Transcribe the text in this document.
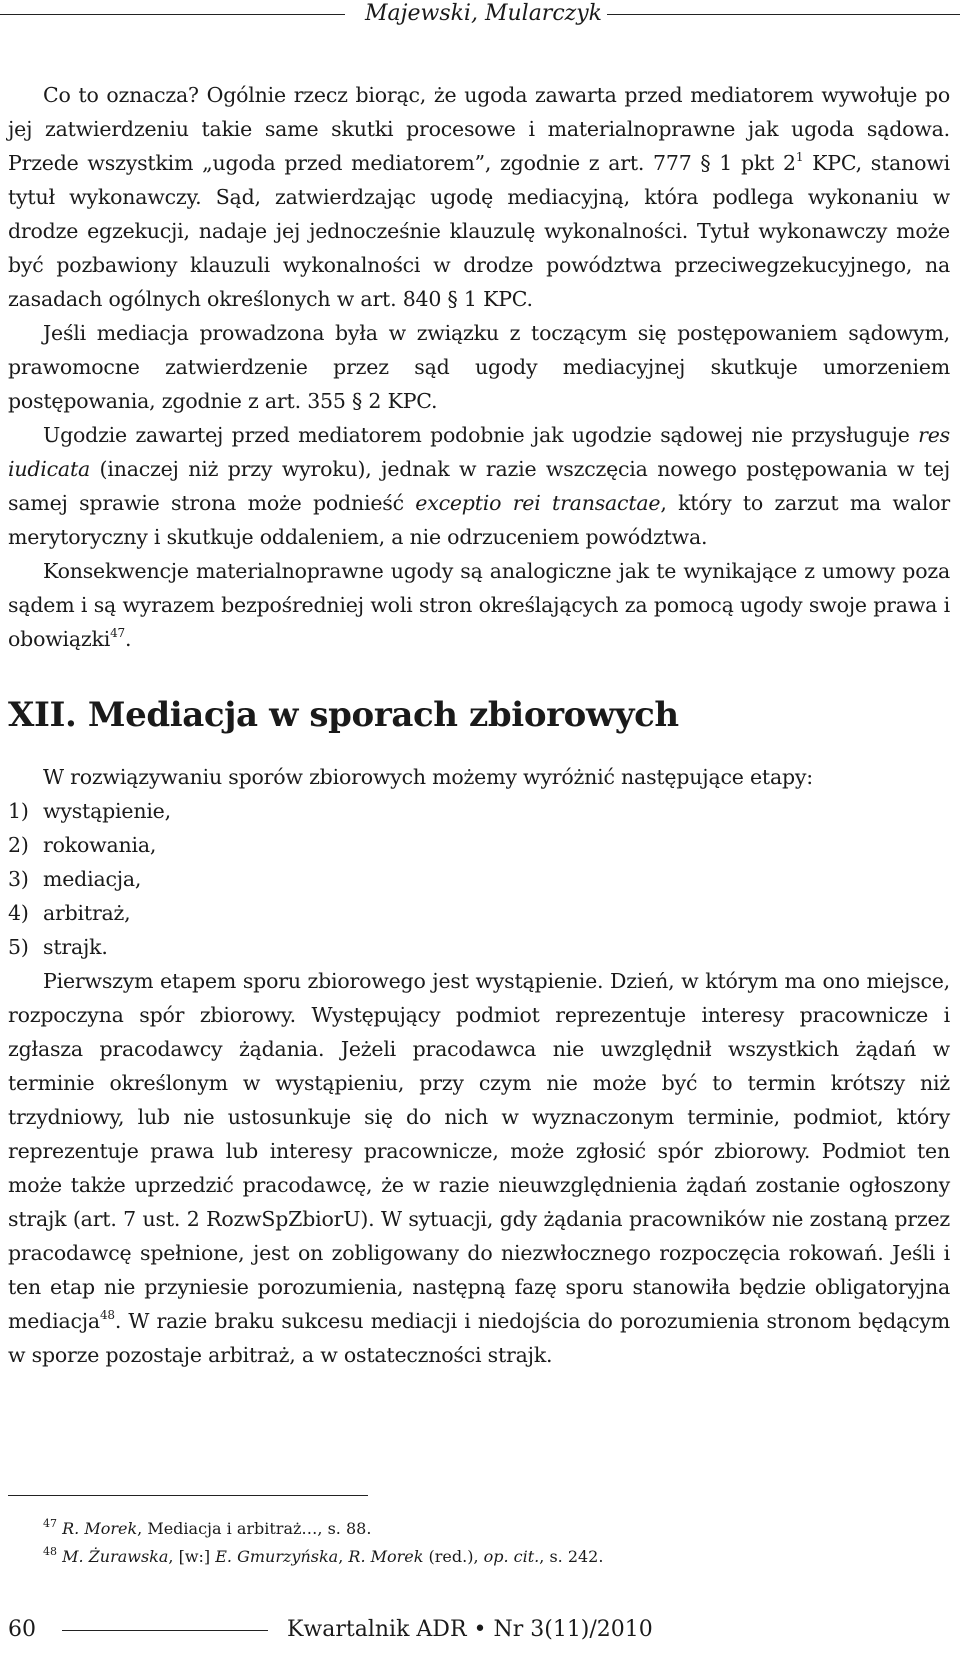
Majewski, Mularczyk

Co to oznacza? Ogólnie rzecz biorąc, że ugoda zawarta przed mediatorem wywołuje po jej zatwierdzeniu takie same skutki procesowe i materialnoprawne jak ugoda sądowa. Przede wszystkim „ugoda przed mediatorem”, zgodnie z art. 777 § 1 pkt $2^1$ KPC, stanowi tytuł wykonawczy. Sąd, zatwierdzając ugodę mediacyjną, która podlega wykonaniu w drodze egzekucji, nadaje jej jednocześnie klauzulę wykonalności. Tytuł wykonawczy może być pozbawiony klauzuli wykonalności w drodze powództwa przeciwegzekucyjnego, na zasadach ogólnych określonych w art. 840 § 1 KPC.

Jeśli mediacja prowadzona była w związku z toczącym się postępowaniem sądowym, prawomocne zatwierdzenie przez sąd ugody mediacyjnej skutkuje umorzeniem postępowania, zgodnie z art. 355 § 2 KPC.

Ugodzie zawartej przed mediatorem podobnie jak ugodzie sądowej nie przysługuje res iudicata (inaczej niż przy wyroku), jednak w razie wszczęcia nowego postępowania w tej samej sprawie strona może podnieść exceptio rei transactae, który to zarzut ma walor merytoryczny i skutkuje oddaleniem, a nie odrzuceniem powództwa.

Konsekwencje materialnoprawne ugody są analogiczne jak te wynikające z umowy poza sądem i są wyrazem bezpośredniej woli stron określających za pomocą ugody swoje prawa i obowiązki$^{47}$.

XII. Mediacja w sporach zbiorowych

W rozwiązywaniu sporów zbiorowych możemy wyróżnić następujące etapy:

1) wystąpienie,
2) rokowania,
3) mediacja,
4) arbitraż,
5) strajk.

Pierwszym etapem sporu zbiorowego jest wystąpienie. Dzień, w którym ma ono miejsce, rozpoczyna spór zbiorowy. Występujący podmiot reprezentuje interesy pracownicze i zgłasza pracodawcy żądania. Jeżeli pracodawca nie uwzględnił wszystkich żądań w terminie określonym w wystąpieniu, przy czym nie może być to termin krótszy niż trzydniowy, lub nie ustosunkuje się do nich w wyznaczonym terminie, podmiot, który reprezentuje prawa lub interesy pracownicze, może zgłosić spór zbiorowy. Podmiot ten może także uprzedzić pracodawcę, że w razie nieuwzględnienia żądań zostanie ogłoszony strajk (art. 7 ust. 2 RozwSpZbiorU). W sytuacji, gdy żądania pracowników nie zostaną przez pracodawcę spełnione, jest on zobligowany do niezwłocznego rozpoczęcia rokowań. Jeśli i ten etap nie przyniesie porozumienia, następną fazę sporu stanowiła będzie obligatoryjna mediacja$^{48}$. W razie braku sukcesu mediacji i niedojścia do porozumienia stronom będącym w sporze pozostaje arbitraż, a w ostateczności strajk.

$^{47}$ R. Morek, Mediacja i arbitraż…, s. 88.

$^{48}$ M. Żurawska, [w:] E. Gmurzyńska, R. Morek (red.), op. cit., s. 242.

60	Kwartalnik ADR • Nr 3(11)/2010
